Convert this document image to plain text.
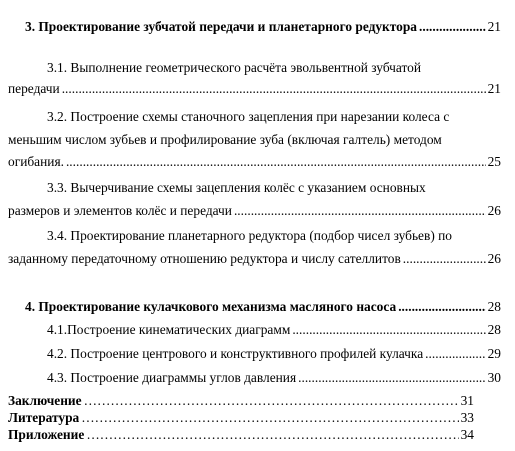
3. Проектирование зубчатой передачи и планетарного редуктора .....	21
3.1. Выполнение геометрического расчёта эвольвентной зубчатой
передачи .....	21
3.2. Построение схемы станочного зацепления при нарезании колеса с
меньшим числом зубьев и профилирование зуба (включая галтель) методом
огибания. .....	25
3.3. Вычерчивание схемы зацепления колёс с указанием основных
размеров и элементов колёс и передачи .....	26
3.4. Проектирование планетарного редуктора (подбор чисел зубьев) по
заданному передаточному отношению редуктора и числу сателлитов .....	26
4. Проектирование кулачкового механизма масляного насоса .....	28
4.1.Построение кинематических диаграмм .....	28
4.2. Построение центрового и конструктивного профилей кулачка .....	29
4.3. Построение диаграммы углов давления .....	30
Заключение ………………………………………………………………………………………………………………………………………………………………………………………………	31
Литература ………………………………………………………………………………………………………………………………………………………………………………………………	33
Приложение ………………………………………………………………………………………………………………………………………………………………………………………………	34
